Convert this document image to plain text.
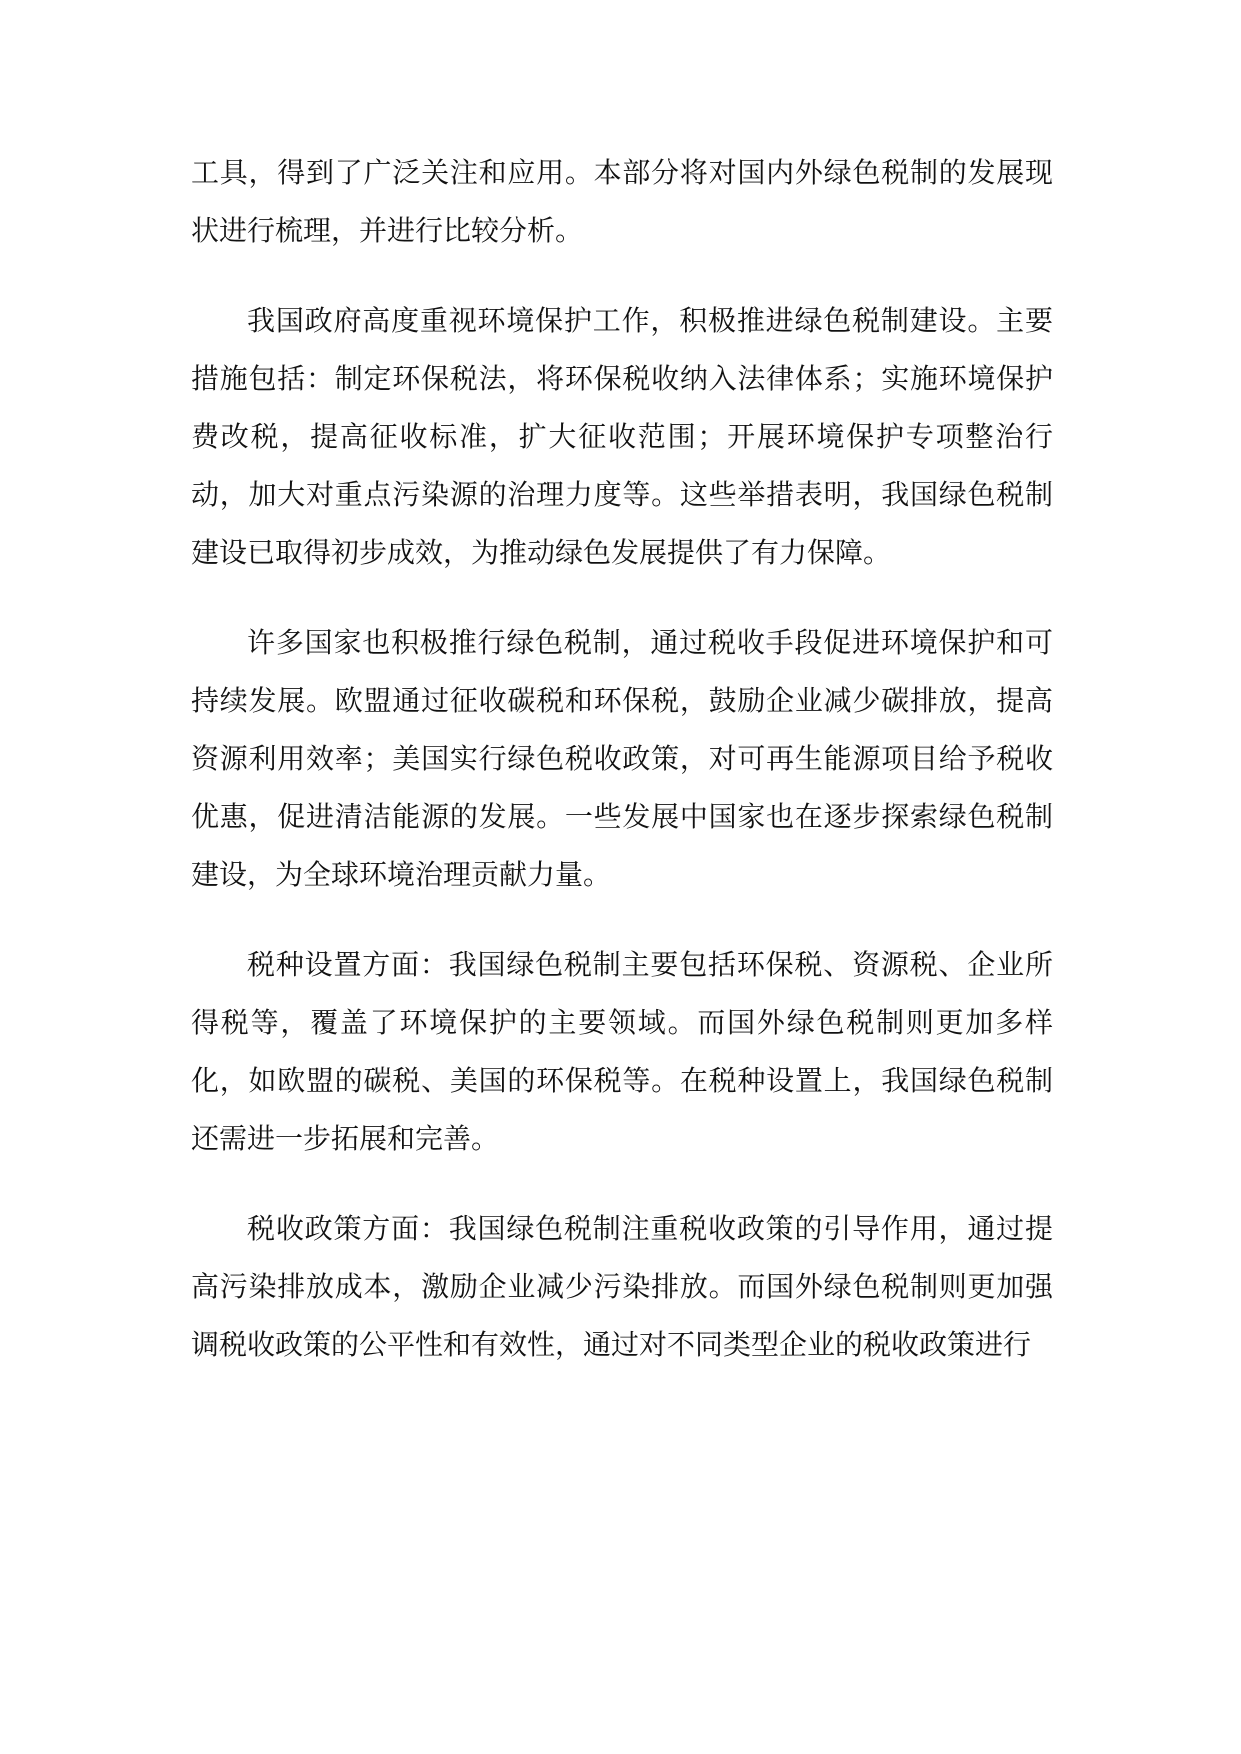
工具，得到了广泛关注和应用。本部分将对国内外绿色税制的发展现状进行梳理，并进行比较分析。

我国政府高度重视环境保护工作，积极推进绿色税制建设。主要措施包括：制定环保税法，将环保税收纳入法律体系；实施环境保护费改税，提高征收标准，扩大征收范围；开展环境保护专项整治行动，加大对重点污染源的治理力度等。这些举措表明，我国绿色税制建设已取得初步成效，为推动绿色发展提供了有力保障。

许多国家也积极推行绿色税制，通过税收手段促进环境保护和可持续发展。欧盟通过征收碳税和环保税，鼓励企业减少碳排放，提高资源利用效率；美国实行绿色税收政策，对可再生能源项目给予税收优惠，促进清洁能源的发展。一些发展中国家也在逐步探索绿色税制建设，为全球环境治理贡献力量。

税种设置方面：我国绿色税制主要包括环保税、资源税、企业所得税等，覆盖了环境保护的主要领域。而国外绿色税制则更加多样化，如欧盟的碳税、美国的环保税等。在税种设置上，我国绿色税制还需进一步拓展和完善。

税收政策方面：我国绿色税制注重税收政策的引导作用，通过提高污染排放成本，激励企业减少污染排放。而国外绿色税制则更加强调税收政策的公平性和有效性，通过对不同类型企业的税收政策进行
